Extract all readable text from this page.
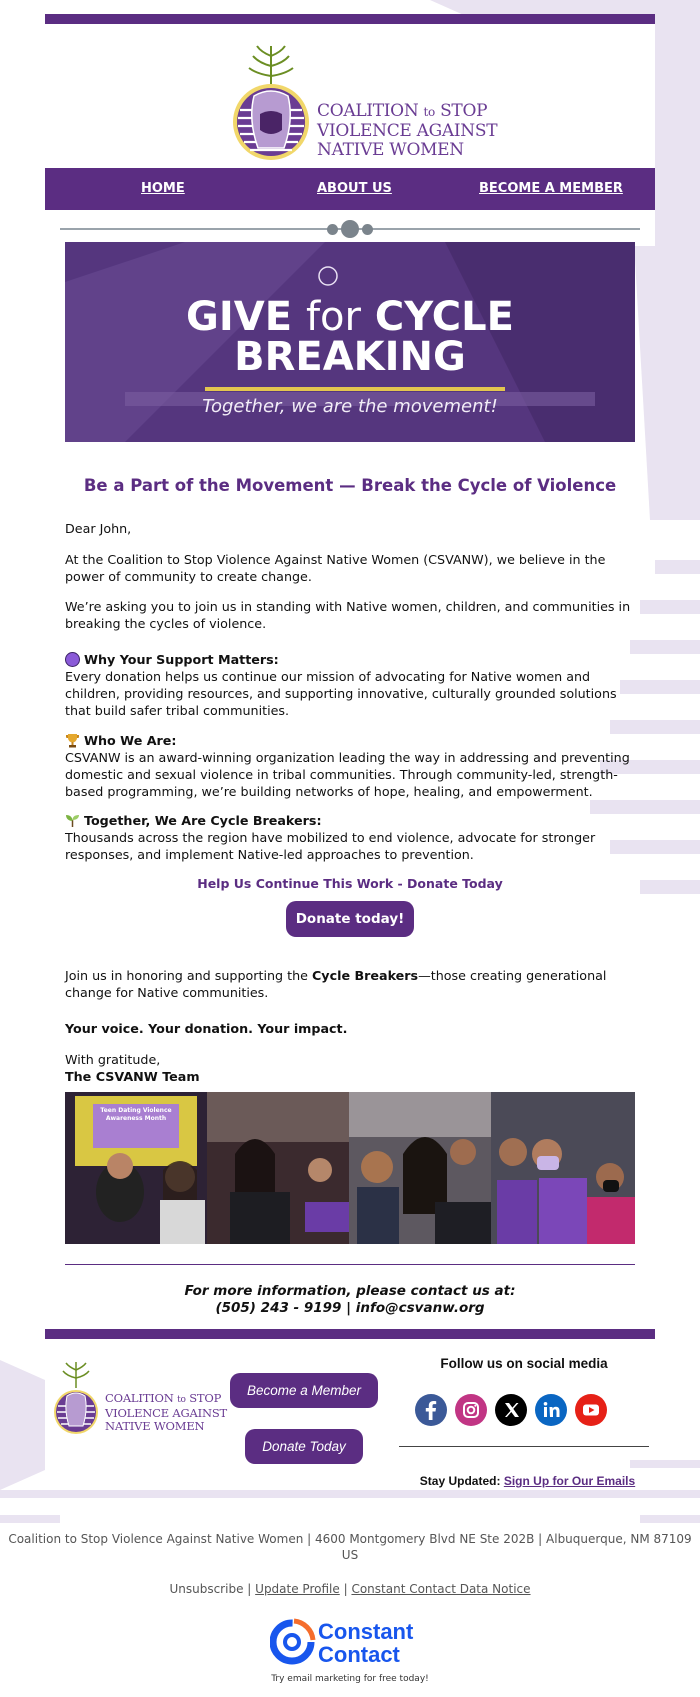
COALITION to STOP
VIOLENCE AGAINST
NATIVE WOMEN
HOME	ABOUT US	BECOME A MEMBER
GIVE for CYCLE
BREAKING
Together, we are the movement!
Be a Part of the Movement — Break the Cycle of Violence
Dear John,
At the Coalition to Stop Violence Against Native Women (CSVANW), we believe in the power of community to create change.
We’re asking you to join us in standing with Native women, children, and communities in breaking the cycles of violence.
Why Your Support Matters:
Every donation helps us continue our mission of advocating for Native women and children, providing resources, and supporting innovative, culturally grounded solutions that build safer tribal communities.
Who We Are:
CSVANW is an award-winning organization leading the way in addressing and preventing domestic and sexual violence in tribal communities. Through community-led, strength-based programming, we’re building networks of hope, healing, and empowerment.
Together, We Are Cycle Breakers:
Thousands across the region have mobilized to end violence, advocate for stronger responses, and implement Native-led approaches to prevention.
Help Us Continue This Work - Donate Today
Donate today!
Join us in honoring and supporting the Cycle Breakers—those creating generational change for Native communities.
Your voice. Your donation. Your impact.
With gratitude,
The CSVANW Team
Teen Dating Violence
Awareness Month
For more information, please contact us at:
(505) 243 - 9199 | info@csvanw.org
COALITION to STOP
VIOLENCE AGAINST
NATIVE WOMEN
Become a Member
Donate Today
Follow us on social media
Stay Updated: Sign Up for Our Emails
Coalition to Stop Violence Against Native Women | 4600 Montgomery Blvd NE Ste 202B | Albuquerque, NM 87109 US
Unsubscribe | Update Profile | Constant Contact Data Notice
Constant
Contact
Try email marketing for free today!
